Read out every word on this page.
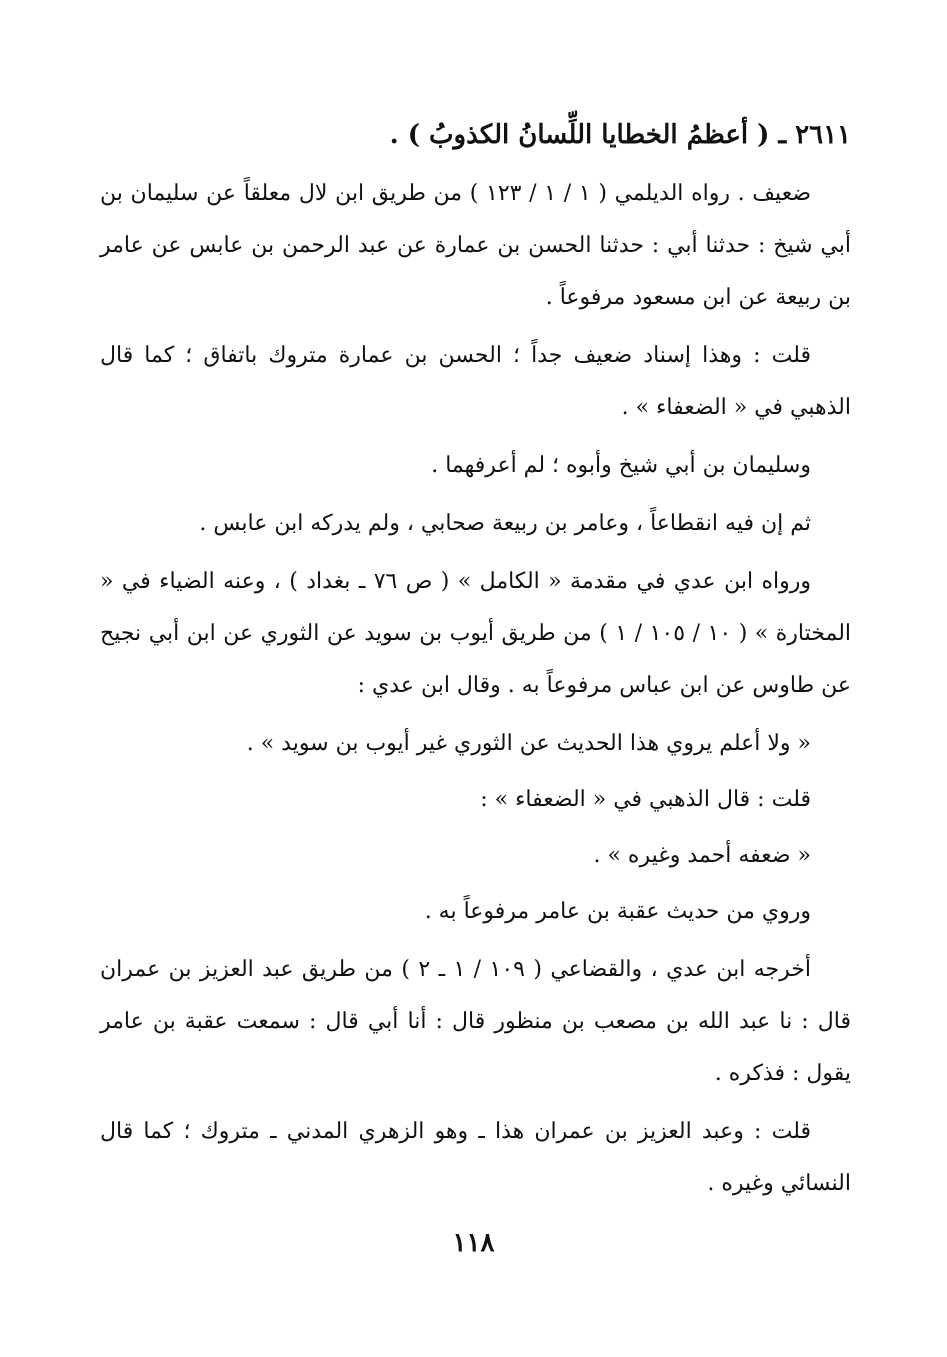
٢٦١١ ـ ( أعظمُ الخطايا اللِّسانُ الكذوبُ ) .

ضعيف . رواه الديلمي ( ١ / ١ / ١٢٣ ) من طريق ابن لال معلقاً عن سليمان بن أبي شيخ : حدثنا أبي : حدثنا الحسن بن عمارة عن عبد الرحمن بن عابس عن عامر بن ربيعة عن ابن مسعود مرفوعاً .

قلت : وهذا إسناد ضعيف جداً ؛ الحسن بن عمارة متروك باتفاق ؛ كما قال الذهبي في « الضعفاء » .

وسليمان بن أبي شيخ وأبوه ؛ لم أعرفهما .

ثم إن فيه انقطاعاً ، وعامر بن ربيعة صحابي ، ولم يدركه ابن عابس .

ورواه ابن عدي في مقدمة « الكامل » ( ص ٧٦ ـ بغداد ) ، وعنه الضياء في « المختارة » ( ١٠ / ١٠٥ / ١ ) من طريق أيوب بن سويد عن الثوري عن ابن أبي نجيح عن طاوس عن ابن عباس مرفوعاً به . وقال ابن عدي :

« ولا أعلم يروي هذا الحديث عن الثوري غير أيوب بن سويد » .

قلت : قال الذهبي في « الضعفاء » :

« ضعفه أحمد وغيره » .

وروي من حديث عقبة بن عامر مرفوعاً به .

أخرجه ابن عدي ، والقضاعي ( ١٠٩ / ١ ـ ٢ ) من طريق عبد العزيز بن عمران قال : نا عبد الله بن مصعب بن منظور قال : أنا أبي قال : سمعت عقبة بن عامر يقول : فذكره .

قلت : وعبد العزيز بن عمران هذا ـ وهو الزهري المدني ـ متروك ؛ كما قال النسائي وغيره .

١١٨
